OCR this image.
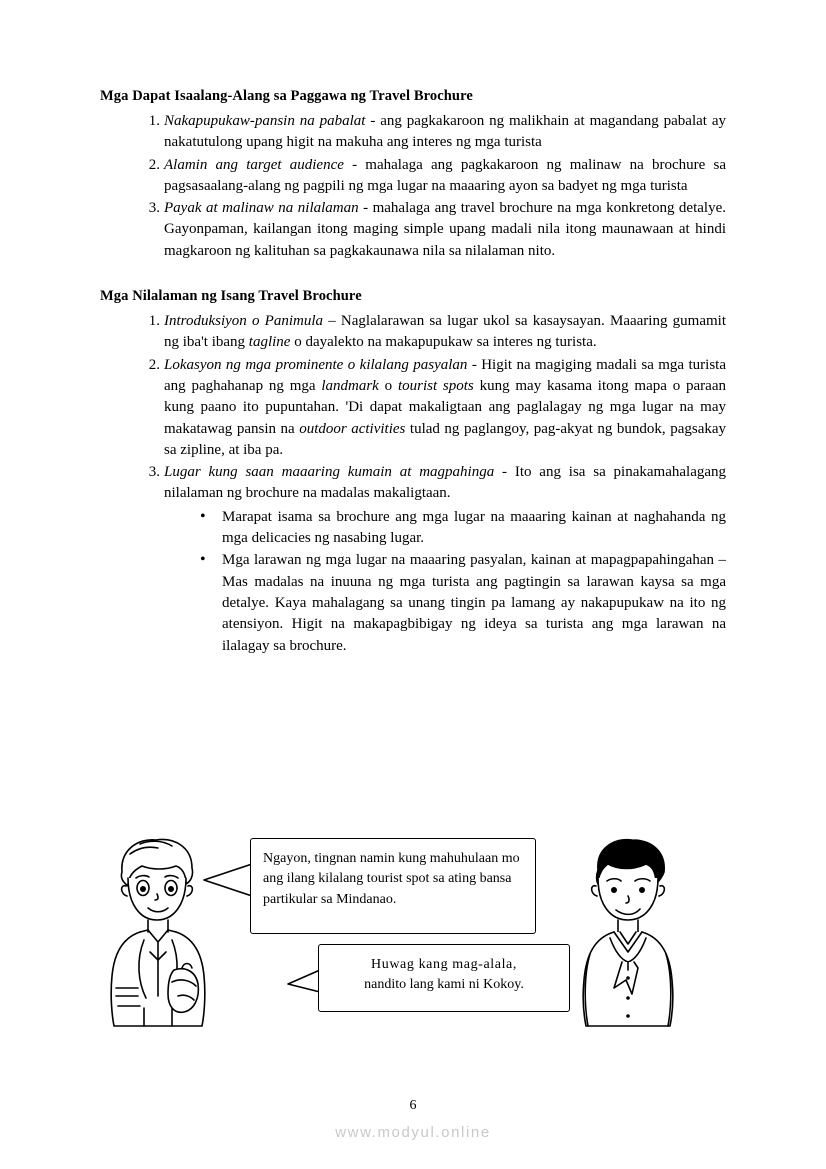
Mga Dapat Isaalang-Alang sa Paggawa ng Travel Brochure
Nakapupukaw-pansin na pabalat - ang pagkakaroon ng malikhain at magandang pabalat ay nakatutulong upang higit na makuha ang interes ng mga turista
Alamin ang target audience - mahalaga ang pagkakaroon ng malinaw na brochure sa pagsasaalang-alang ng pagpili ng mga lugar na maaaring ayon sa badyet ng mga turista
Payak at malinaw na nilalaman - mahalaga ang travel brochure na mga konkretong detalye. Gayonpaman, kailangan itong maging simple upang madali nila itong maunawaan at hindi magkaroon ng kalituhan sa pagkakaunawa nila sa nilalaman nito.
Mga Nilalaman ng Isang Travel Brochure
Introduksiyon o Panimula – Naglalarawan sa lugar ukol sa kasaysayan. Maaaring gumamit ng iba't ibang tagline o dayalekto na makapupukaw sa interes ng turista.
Lokasyon ng mga prominente o kilalang pasyalan - Higit na magiging madali sa mga turista ang paghahanap ng mga landmark o tourist spots kung may kasama itong mapa o paraan kung paano ito pupuntahan. 'Di dapat makaligtaan ang paglalagay ng mga lugar na may makatawag pansin na outdoor activities tulad ng paglangoy, pag-akyat ng bundok, pagsakay sa zipline, at iba pa.
Lugar kung saan maaaring kumain at magpahinga - Ito ang isa sa pinakamahalagang nilalaman ng brochure na madalas makaligtaan.
• Marapat isama sa brochure ang mga lugar na maaaring kainan at naghahanda ng mga delicacies ng nasabing lugar.
• Mga larawan ng mga lugar na maaaring pasyalan, kainan at mapagpapahingahan – Mas madalas na inuuna ng mga turista ang pagtingin sa larawan kaysa sa mga detalye. Kaya mahalagang sa unang tingin pa lamang ay nakapupukaw na ito ng atensiyon. Higit na makapagbibigay ng ideya sa turista ang mga larawan na ilalagay sa brochure.
Ngayon, tingnan namin kung mahuhulaan mo ang ilang kilalang tourist spot sa ating bansa partikular sa Mindanao.
Huwag kang mag-alala,
nandito lang kami ni Kokoy.
6
www.modyul.online
